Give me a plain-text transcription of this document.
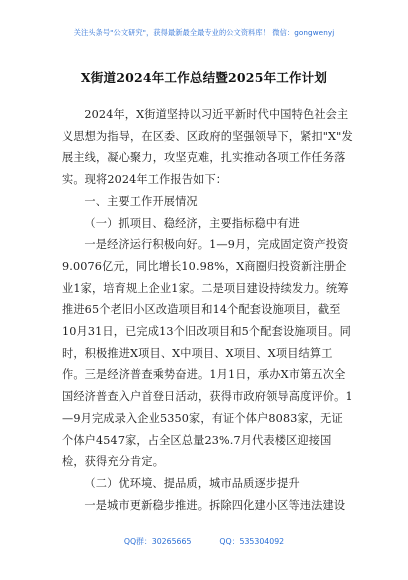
关注头条号"公文研究"，获得最新最全最专业的公文资料库！ 微信：gongwenyj
X街道2024年工作总结暨2025年工作计划

2024年，X街道坚持以习近平新时代中国特色社会主义思想为指导，在区委、区政府的坚强领导下，紧扣"X"发展主线，凝心聚力，攻坚克难，扎实推动各项工作任务落实。现将2024年工作报告如下：

一、主要工作开展情况

（一）抓项目、稳经济，主要指标稳中有进

一是经济运行积极向好。1—9月，完成固定资产投资9.0076亿元，同比增长10.98%，X商圈归投资新注册企业1家，培育规上企业1家。二是项目建设持续发力。统筹推进65个老旧小区改造项目和14个配套设施项目，截至10月31日，已完成13个旧改项目和5个配套设施项目。同时，积极推进X项目、X中项目、X项目、X项目结算工作。三是经济普查乘势奋进。1月1日，承办X市第五次全国经济普查入户首登日活动，获得市政府领导高度评价。1—9月完成录入企业5350家，有证个体户8083家，无证个体户4547家，占全区总量23%.7月代表楼区迎接国检，获得充分肯定。

（二）优环境、提品质，城市品质逐步提升

一是城市更新稳步推进。拆除四化建小区等违法建设

QQ群：30265665	QQ：535304092
